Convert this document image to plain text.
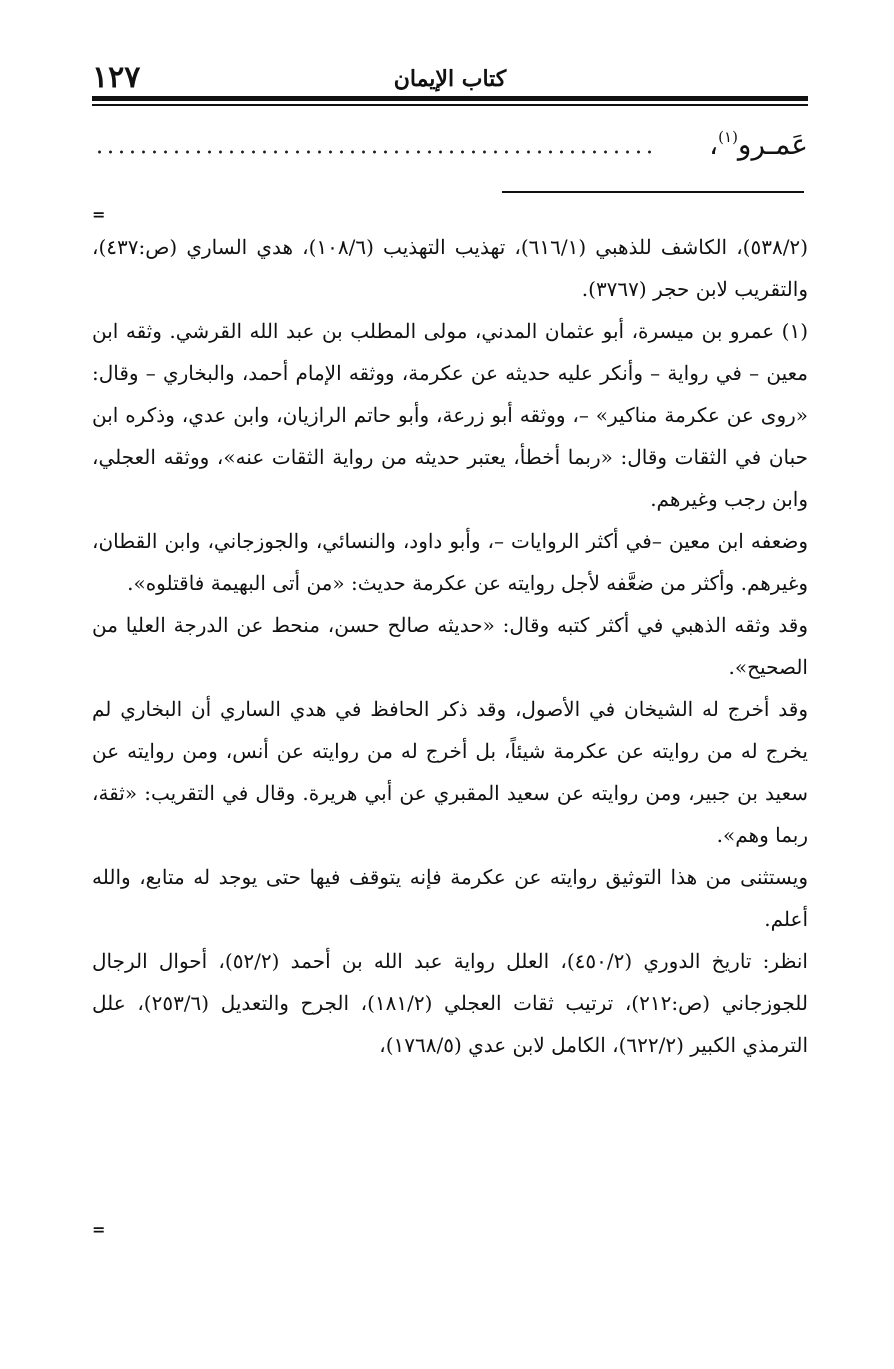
١٢٧	كتاب الإيمان
عَمـرو$^{(١)}$،
=

(٥٣٨/٢)، الكاشف للذهبي (٦١٦/١)، تهذيب التهذيب (١٠٨/٦)، هدي الساري (ص:٤٣٧)، والتقريب لابن حجر (٣٧٦٧).

(١) عمرو بن ميسرة، أبو عثمان المدني، مولى المطلب بن عبد الله القرشي. وثقه ابن معين – في رواية – وأنكر عليه حديثه عن عكرمة، ووثقه الإمام أحمد، والبخاري – وقال: «روى عن عكرمة مناكير» –، ووثقه أبو زرعة، وأبو حاتم الرازيان، وابن عدي، وذكره ابن حبان في الثقات وقال: «ربما أخطأ، يعتبر حديثه من رواية الثقات عنه»، ووثقه العجلي، وابن رجب وغيرهم.

وضعفه ابن معين –في أكثر الروايات –، وأبو داود، والنسائي، والجوزجاني، وابن القطان، وغيرهم. وأكثر من ضعَّفه لأجل روايته عن عكرمة حديث: «من أتى البهيمة فاقتلوه».

وقد وثقه الذهبي في أكثر كتبه وقال: «حديثه صالح حسن، منحط عن الدرجة العليا من الصحيح».

وقد أخرج له الشيخان في الأصول، وقد ذكر الحافظ في هدي الساري أن البخاري لم يخرج له من روايته عن عكرمة شيئاً، بل أخرج له من روايته عن أنس، ومن روايته عن سعيد بن جبير، ومن روايته عن سعيد المقبري عن أبي هريرة. وقال في التقريب: «ثقة، ربما وهم».

ويستثنى من هذا التوثيق روايته عن عكرمة فإنه يتوقف فيها حتى يوجد له متابع، والله أعلم.

انظر: تاريخ الدوري (٤٥٠/٢)، العلل رواية عبد الله بن أحمد (٥٢/٢)، أحوال الرجال للجوزجاني (ص:٢١٢)، ترتيب ثقات العجلي (١٨١/٢)، الجرح والتعديل (٢٥٣/٦)، علل الترمذي الكبير (٦٢٢/٢)، الكامل لابن عدي (١٧٦٨/٥)،

=
